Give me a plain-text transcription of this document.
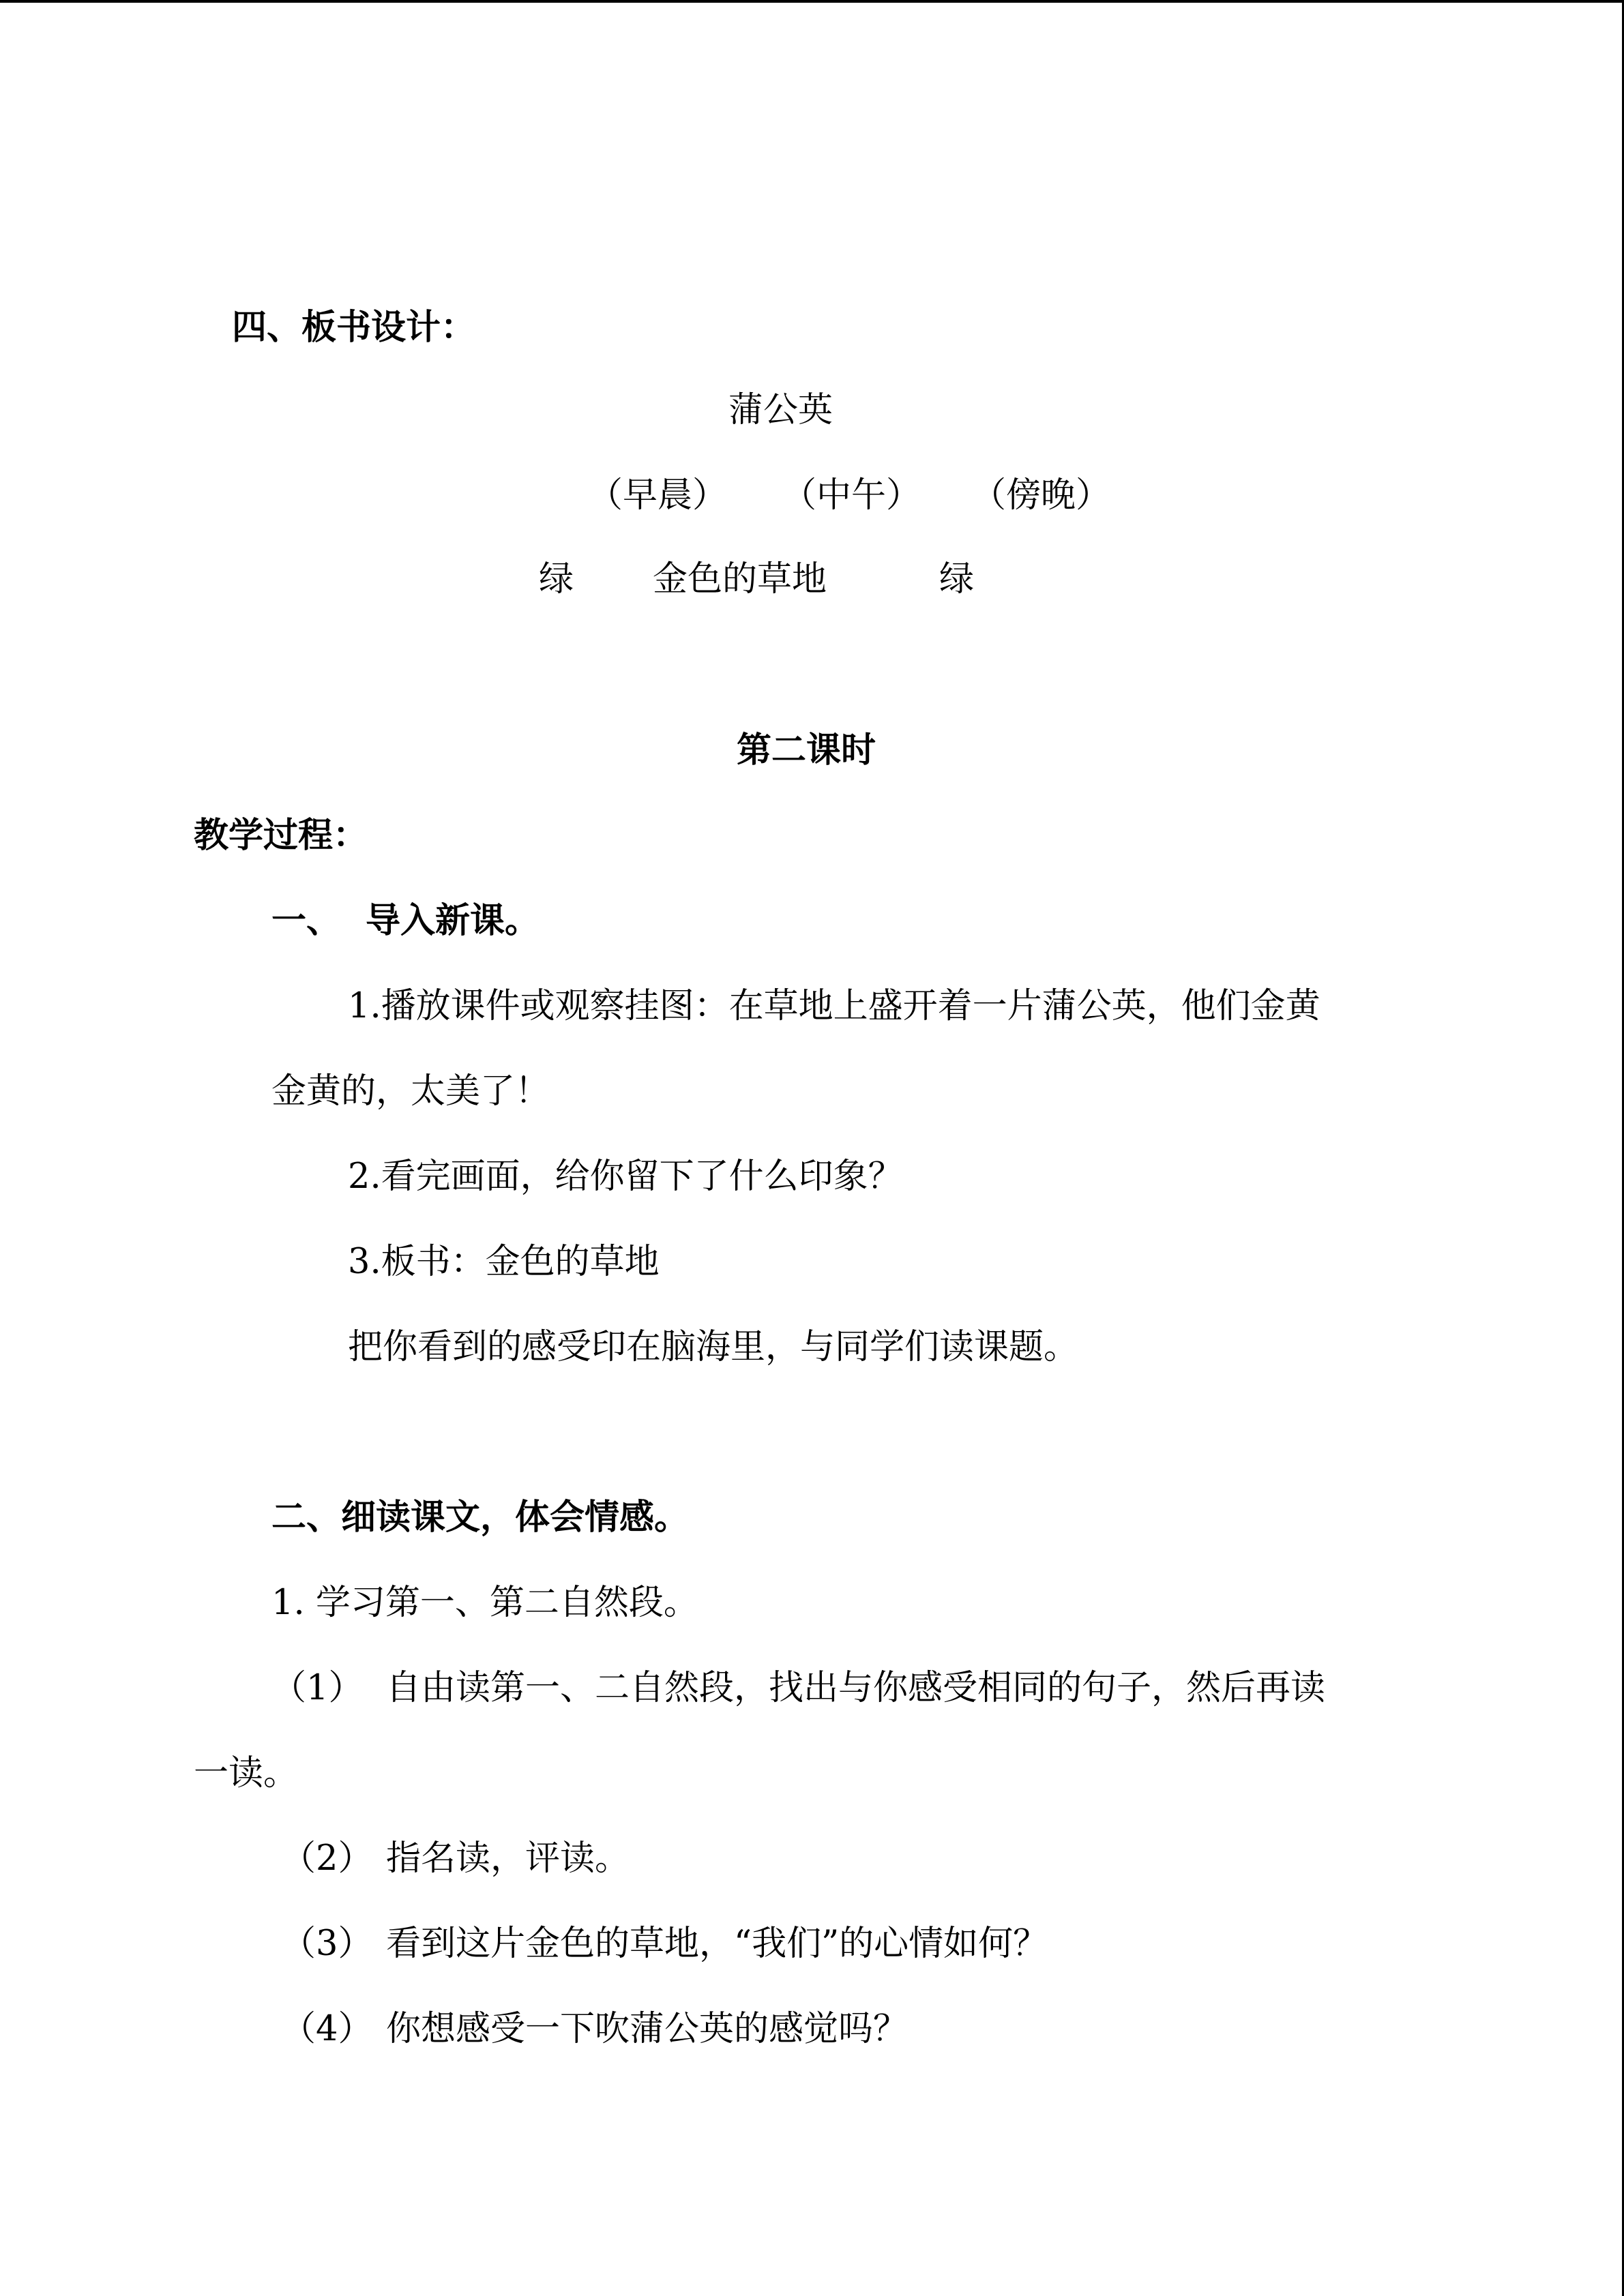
四、板书设计：
蒲公英
（早晨） （中午） （傍晚）
绿 金色的草地	绿
第二课时
教学过程：
一、 导入新课。
1.播放课件或观察挂图：在草地上盛开着一片蒲公英，他们金黄
金黄的，太美了！
2.看完画面，给你留下了什么印象？
3.板书：金色的草地
把你看到的感受印在脑海里，与同学们读课题。
二、细读课文，体会情感。
1. 学习第一、第二自然段。
（1） 自由读第一、二自然段，找出与你感受相同的句子，然后再读
一读。
（2） 指名读，评读。
（3） 看到这片金色的草地，“我们”的心情如何？
（4） 你想感受一下吹蒲公英的感觉吗？
